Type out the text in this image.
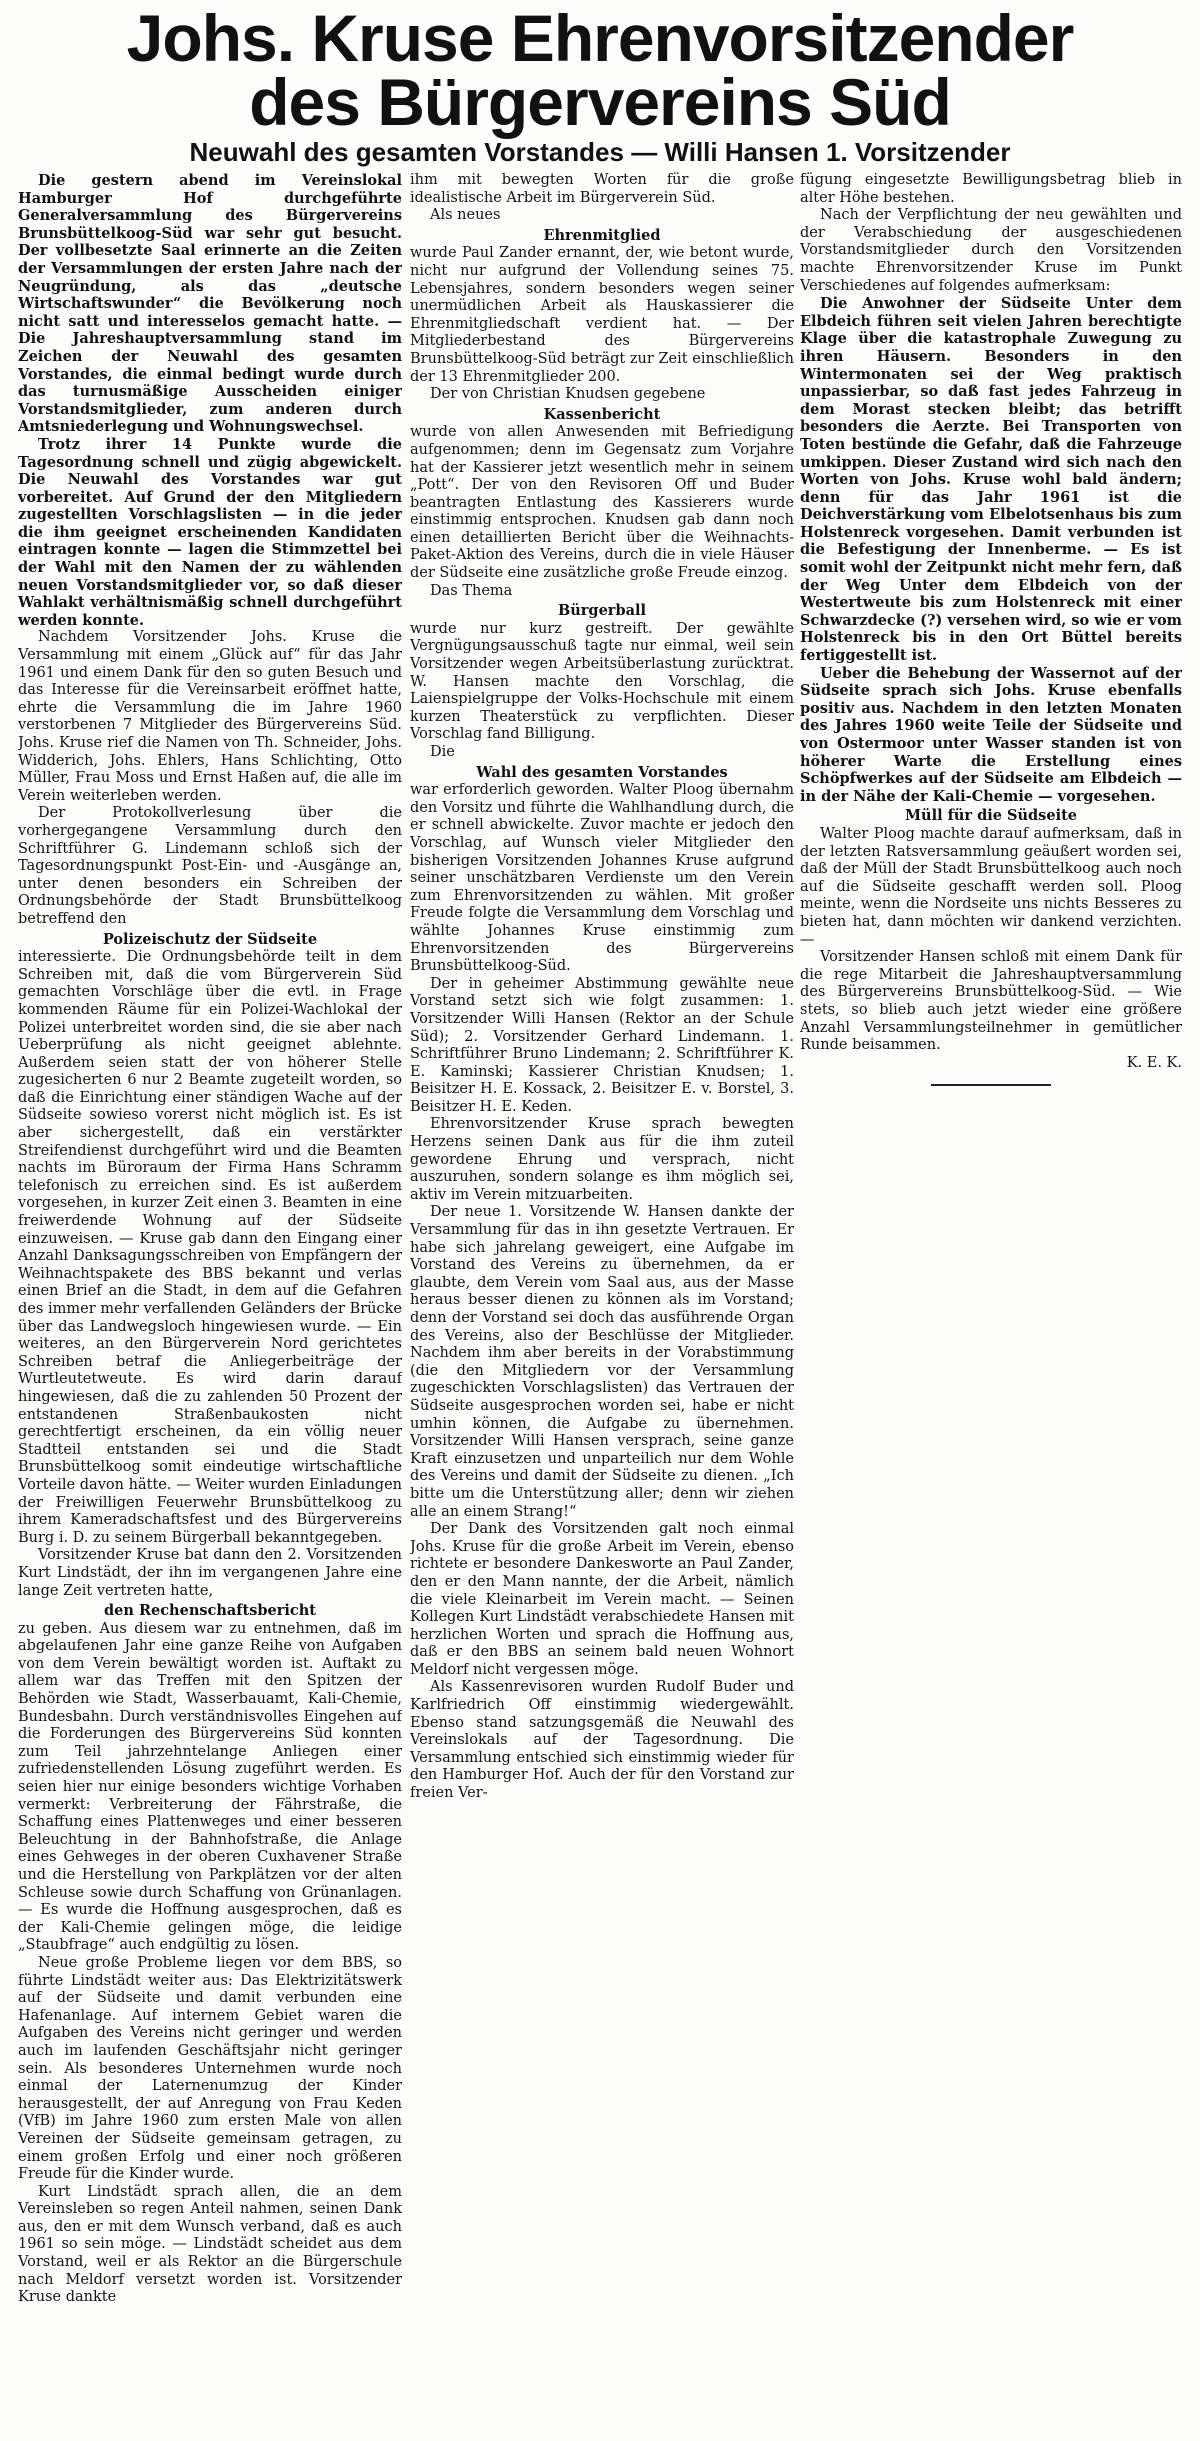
Johs. Kruse Ehrenvorsitzender
des Bürgervereins Süd
Neuwahl des gesamten Vorstandes — Willi Hansen 1. Vorsitzender

Die gestern abend im Vereinslokal Hamburger Hof durchgeführte Generalversammlung des Bürgervereins Brunsbüttelkoog-Süd war sehr gut besucht. Der vollbesetzte Saal erinnerte an die Zeiten der Versammlungen der ersten Jahre nach der Neugründung, als das „deutsche Wirtschaftswunder“ die Bevölkerung noch nicht satt und interesselos gemacht hatte. — Die Jahreshauptversammlung stand im Zeichen der Neuwahl des gesamten Vorstandes, die einmal bedingt wurde durch das turnusmäßige Ausscheiden einiger Vorstandsmitglieder, zum anderen durch Amtsniederlegung und Wohnungswechsel.

Trotz ihrer 14 Punkte wurde die Tagesordnung schnell und zügig abgewickelt. Die Neuwahl des Vorstandes war gut vorbereitet. Auf Grund der den Mitgliedern zugestellten Vorschlagslisten — in die jeder die ihm geeignet erscheinenden Kandidaten eintragen konnte — lagen die Stimmzettel bei der Wahl mit den Namen der zu wählenden neuen Vorstandsmitglieder vor, so daß dieser Wahlakt verhältnismäßig schnell durchgeführt werden konnte.

Nachdem Vorsitzender Johs. Kruse die Versammlung mit einem „Glück auf“ für das Jahr 1961 und einem Dank für den so guten Besuch und das Interesse für die Vereinsarbeit eröffnet hatte, ehrte die Versammlung die im Jahre 1960 verstorbenen 7 Mitglieder des Bürgervereins Süd. Johs. Kruse rief die Namen von Th. Schneider, Johs. Widderich, Johs. Ehlers, Hans Schlichting, Otto Müller, Frau Moss und Ernst Haßen auf, die alle im Verein weiterleben werden.

Der Protokollverlesung über die vorhergegangene Versammlung durch den Schriftführer G. Lindemann schloß sich der Tagesordnungspunkt Post-Ein- und -Ausgänge an, unter denen besonders ein Schreiben der Ordnungsbehörde der Stadt Brunsbüttelkoog betreffend den

Polizeischutz der Südseite

interessierte. Die Ordnungsbehörde teilt in dem Schreiben mit, daß die vom Bürgerverein Süd gemachten Vorschläge über die evtl. in Frage kommenden Räume für ein Polizei-Wachlokal der Polizei unterbreitet worden sind, die sie aber nach Ueberprüfung als nicht geeignet ablehnte. Außerdem seien statt der von höherer Stelle zugesicherten 6 nur 2 Beamte zugeteilt worden, so daß die Einrichtung einer ständigen Wache auf der Südseite sowieso vorerst nicht möglich ist. Es ist aber sichergestellt, daß ein verstärkter Streifendienst durchgeführt wird und die Beamten nachts im Büroraum der Firma Hans Schramm telefonisch zu erreichen sind. Es ist außerdem vorgesehen, in kurzer Zeit einen 3. Beamten in eine freiwerdende Wohnung auf der Südseite einzuweisen. — Kruse gab dann den Eingang einer Anzahl Danksagungsschreiben von Empfängern der Weihnachtspakete des BBS bekannt und verlas einen Brief an die Stadt, in dem auf die Gefahren des immer mehr verfallenden Geländers der Brücke über das Landwegsloch hingewiesen wurde. — Ein weiteres, an den Bürgerverein Nord gerichtetes Schreiben betraf die Anliegerbeiträge der Wurtleutetweute. Es wird darin darauf hingewiesen, daß die zu zahlenden 50 Prozent der entstandenen Straßenbaukosten nicht gerechtfertigt erscheinen, da ein völlig neuer Stadtteil entstanden sei und die Stadt Brunsbüttelkoog somit eindeutige wirtschaftliche Vorteile davon hätte. — Weiter wurden Einladungen der Freiwilligen Feuerwehr Brunsbüttelkoog zu ihrem Kameradschaftsfest und des Bürgervereins Burg i. D. zu seinem Bürgerball bekanntgegeben.

Vorsitzender Kruse bat dann den 2. Vorsitzenden Kurt Lindstädt, der ihn im vergangenen Jahre eine lange Zeit vertreten hatte,

den Rechenschaftsbericht

zu geben. Aus diesem war zu entnehmen, daß im abgelaufenen Jahr eine ganze Reihe von Aufgaben von dem Verein bewältigt worden ist. Auftakt zu allem war das Treffen mit den Spitzen der Behörden wie Stadt, Wasserbauamt, Kali-Chemie, Bundesbahn. Durch verständnisvolles Eingehen auf die Forderungen des Bürgervereins Süd konnten zum Teil jahrzehntelange Anliegen einer zufriedenstellenden Lösung zugeführt werden. Es seien hier nur einige besonders wichtige Vorhaben vermerkt: Verbreiterung der Fährstraße, die Schaffung eines Plattenweges und einer besseren Beleuchtung in der Bahnhofstraße, die Anlage eines Gehweges in der oberen Cuxhavener Straße und die Herstellung von Parkplätzen vor der alten Schleuse sowie durch Schaffung von Grünanlagen. — Es wurde die Hoffnung ausgesprochen, daß es der Kali-Chemie gelingen möge, die leidige „Staubfrage“ auch endgültig zu lösen.

Neue große Probleme liegen vor dem BBS, so führte Lindstädt weiter aus: Das Elektrizitätswerk auf der Südseite und damit verbunden eine Hafenanlage. Auf internem Gebiet waren die Aufgaben des Vereins nicht geringer und werden auch im laufenden Geschäftsjahr nicht geringer sein. Als besonderes Unternehmen wurde noch einmal der Laternenumzug der Kinder herausgestellt, der auf Anregung von Frau Keden (VfB) im Jahre 1960 zum ersten Male von allen Vereinen der Südseite gemeinsam getragen, zu einem großen Erfolg und einer noch größeren Freude für die Kinder wurde.

Kurt Lindstädt sprach allen, die an dem Vereinsleben so regen Anteil nahmen, seinen Dank aus, den er mit dem Wunsch verband, daß es auch 1961 so sein möge. — Lindstädt scheidet aus dem Vorstand, weil er als Rektor an die Bürgerschule nach Meldorf versetzt worden ist. Vorsitzender Kruse dankte

ihm mit bewegten Worten für die große idealistische Arbeit im Bürgerverein Süd.

Als neues

Ehrenmitglied

wurde Paul Zander ernannt, der, wie betont wurde, nicht nur aufgrund der Vollendung seines 75. Lebensjahres, sondern besonders wegen seiner unermüdlichen Arbeit als Hauskassierer die Ehrenmitgliedschaft verdient hat. — Der Mitgliederbestand des Bürgervereins Brunsbüttelkoog-Süd beträgt zur Zeit einschließlich der 13 Ehrenmitglieder 200.

Der von Christian Knudsen gegebene

Kassenbericht

wurde von allen Anwesenden mit Befriedigung aufgenommen; denn im Gegensatz zum Vorjahre hat der Kassierer jetzt wesentlich mehr in seinem „Pott“. Der von den Revisoren Off und Buder beantragten Entlastung des Kassierers wurde einstimmig entsprochen. Knudsen gab dann noch einen detaillierten Bericht über die Weihnachts-Paket-Aktion des Vereins, durch die in viele Häuser der Südseite eine zusätzliche große Freude einzog.

Das Thema

Bürgerball

wurde nur kurz gestreift. Der gewählte Vergnügungsausschuß tagte nur einmal, weil sein Vorsitzender wegen Arbeitsüberlastung zurücktrat. W. Hansen machte den Vorschlag, die Laienspielgruppe der Volks-Hochschule mit einem kurzen Theaterstück zu verpflichten. Dieser Vorschlag fand Billigung.

Die

Wahl des gesamten Vorstandes

war erforderlich geworden. Walter Ploog übernahm den Vorsitz und führte die Wahlhandlung durch, die er schnell abwickelte. Zuvor machte er jedoch den Vorschlag, auf Wunsch vieler Mitglieder den bisherigen Vorsitzenden Johannes Kruse aufgrund seiner unschätzbaren Verdienste um den Verein zum Ehrenvorsitzenden zu wählen. Mit großer Freude folgte die Versammlung dem Vorschlag und wählte Johannes Kruse einstimmig zum Ehrenvorsitzenden des Bürgervereins Brunsbüttelkoog-Süd.

Der in geheimer Abstimmung gewählte neue Vorstand setzt sich wie folgt zusammen: 1. Vorsitzender Willi Hansen (Rektor an der Schule Süd); 2. Vorsitzender Gerhard Lindemann. 1. Schriftführer Bruno Lindemann; 2. Schriftführer K. E. Kaminski; Kassierer Christian Knudsen; 1. Beisitzer H. E. Kossack, 2. Beisitzer E. v. Borstel, 3. Beisitzer H. E. Keden.

Ehrenvorsitzender Kruse sprach bewegten Herzens seinen Dank aus für die ihm zuteil gewordene Ehrung und versprach, nicht auszuruhen, sondern solange es ihm möglich sei, aktiv im Verein mitzuarbeiten.

Der neue 1. Vorsitzende W. Hansen dankte der Versammlung für das in ihn gesetzte Vertrauen. Er habe sich jahrelang geweigert, eine Aufgabe im Vorstand des Vereins zu übernehmen, da er glaubte, dem Verein vom Saal aus, aus der Masse heraus besser dienen zu können als im Vorstand; denn der Vorstand sei doch das ausführende Organ des Vereins, also der Beschlüsse der Mitglieder. Nachdem ihm aber bereits in der Vorabstimmung (die den Mitgliedern vor der Versammlung zugeschickten Vorschlagslisten) das Vertrauen der Südseite ausgesprochen worden sei, habe er nicht umhin können, die Aufgabe zu übernehmen. Vorsitzender Willi Hansen versprach, seine ganze Kraft einzusetzen und unparteilich nur dem Wohle des Vereins und damit der Südseite zu dienen. „Ich bitte um die Unterstützung aller; denn wir ziehen alle an einem Strang!“

Der Dank des Vorsitzenden galt noch einmal Johs. Kruse für die große Arbeit im Verein, ebenso richtete er besondere Dankesworte an Paul Zander, den er den Mann nannte, der die Arbeit, nämlich die viele Kleinarbeit im Verein macht. — Seinen Kollegen Kurt Lindstädt verabschiedete Hansen mit herzlichen Worten und sprach die Hoffnung aus, daß er den BBS an seinem bald neuen Wohnort Meldorf nicht vergessen möge.

Als Kassenrevisoren wurden Rudolf Buder und Karlfriedrich Off einstimmig wiedergewählt. Ebenso stand satzungsgemäß die Neuwahl des Vereinslokals auf der Tagesordnung. Die Versammlung entschied sich einstimmig wieder für den Hamburger Hof. Auch der für den Vorstand zur freien Ver-

fügung eingesetzte Bewilligungsbetrag blieb in alter Höhe bestehen.

Nach der Verpflichtung der neu gewählten und der Verabschiedung der ausgeschiedenen Vorstandsmitglieder durch den Vorsitzenden machte Ehrenvorsitzender Kruse im Punkt Verschiedenes auf folgendes aufmerksam:

Die Anwohner der Südseite Unter dem Elbdeich führen seit vielen Jahren berechtigte Klage über die katastrophale Zuwegung zu ihren Häusern. Besonders in den Wintermonaten sei der Weg praktisch unpassierbar, so daß fast jedes Fahrzeug in dem Morast stecken bleibt; das betrifft besonders die Aerzte. Bei Transporten von Toten bestünde die Gefahr, daß die Fahrzeuge umkippen. Dieser Zustand wird sich nach den Worten von Johs. Kruse wohl bald ändern; denn für das Jahr 1961 ist die Deichverstärkung vom Elbelotsenhaus bis zum Holstenreck vorgesehen. Damit verbunden ist die Befestigung der Innenberme. — Es ist somit wohl der Zeitpunkt nicht mehr fern, daß der Weg Unter dem Elbdeich von der Westertweute bis zum Holstenreck mit einer Schwarzdecke (?) versehen wird, so wie er vom Holstenreck bis in den Ort Büttel bereits fertiggestellt ist.

Ueber die Behebung der Wassernot auf der Südseite sprach sich Johs. Kruse ebenfalls positiv aus. Nachdem in den letzten Monaten des Jahres 1960 weite Teile der Südseite und von Ostermoor unter Wasser standen ist von höherer Warte die Erstellung eines Schöpfwerkes auf der Südseite am Elbdeich — in der Nähe der Kali-Chemie — vorgesehen.

Müll für die Südseite

Walter Ploog machte darauf aufmerksam, daß in der letzten Ratsversammlung geäußert worden sei, daß der Müll der Stadt Brunsbüttelkoog auch noch auf die Südseite geschafft werden soll. Ploog meinte, wenn die Nordseite uns nichts Besseres zu bieten hat, dann möchten wir dankend verzichten. —

Vorsitzender Hansen schloß mit einem Dank für die rege Mitarbeit die Jahreshauptversammlung des Bürgervereins Brunsbüttelkoog-Süd. — Wie stets, so blieb auch jetzt wieder eine größere Anzahl Versammlungsteilnehmer in gemütlicher Runde beisammen.

K. E. K.
